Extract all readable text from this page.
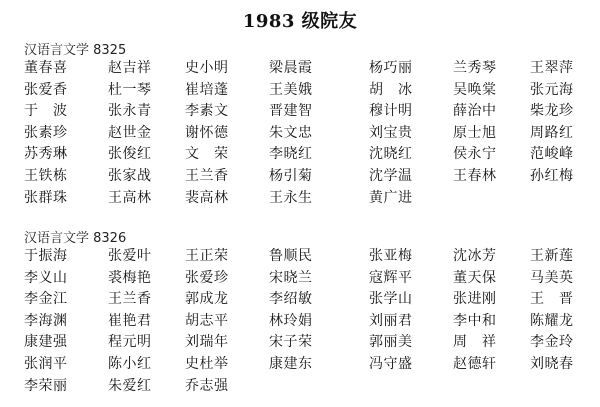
1983 级院友
汉语言文学 8325
董春喜	赵吉祥	史小明	梁晨霞	杨巧丽	兰秀琴	王翠萍
张爱香	杜一琴	崔培蓬	王美娥	胡　冰	吴唤棠	张元海
于　波	张永青	李素文	晋建智	穆计明	薛治中	柴龙珍
张素珍	赵世金	谢怀德	朱文忠	刘宝贵	原士旭	周路红
苏秀琳	张俊红	文　荣	李晓红	沈晓红	侯永宁	范峻峰
王铁栋	张家战	王兰香	杨引菊	沈学温	王春林	孙红梅
张群珠	王高林	裴高林	王永生	黄广进
汉语言文学 8326
于振海	张爱叶	王正荣	鲁顺民	张亚梅	沈冰芳	王新莲
李义山	裘梅艳	张爱珍	宋晓兰	寇辉平	董天保	马美英
李金江	王兰香	郭成龙	李绍敏	张学山	张进刚	王　晋
李海渊	崔艳君	胡志平	林玲娟	刘丽君	李中和	陈耀龙
康建强	程元明	刘瑞年	宋子荣	郭丽美	周　祥	李金玲
张润平	陈小红	史杜举	康建东	冯守盛	赵德轩	刘晓春
李荣丽	朱爱红	乔志强
